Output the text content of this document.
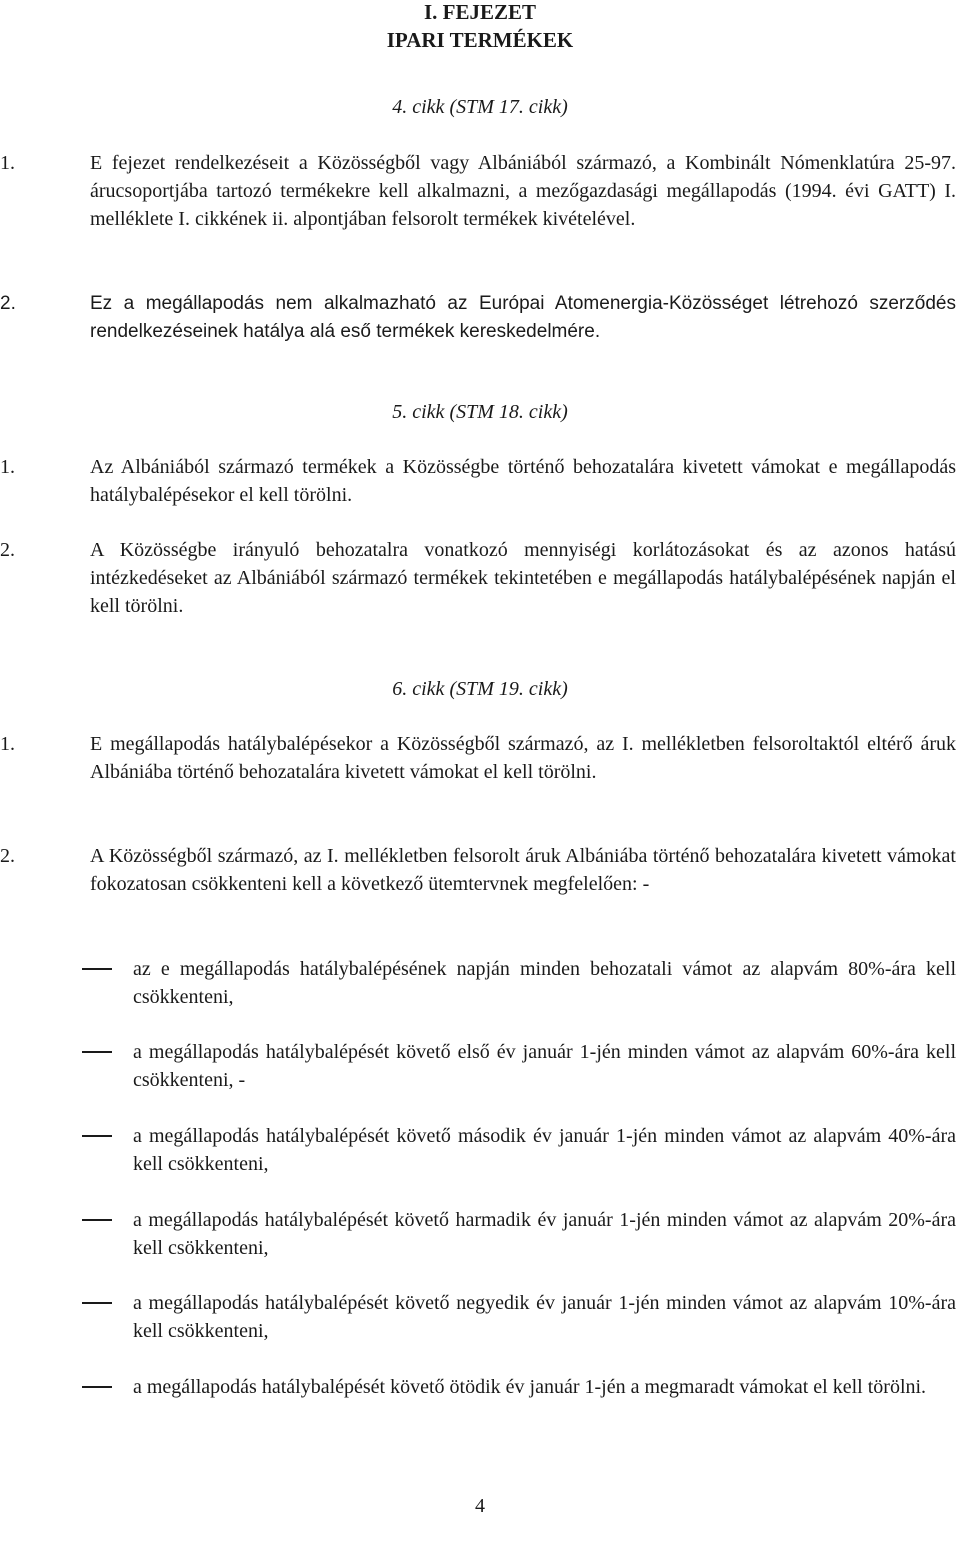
I. FEJEZET
IPARI TERMÉKEK
4. cikk (STM 17. cikk)
1.	E fejezet rendelkezéseit a Közösségből vagy Albániából származó, a Kombinált Nómenklatúra 25-97. árucsoportjába tartozó termékekre kell alkalmazni, a mezőgazdasági megállapodás (1994. évi GATT) I. melléklete I. cikkének ii. alpontjában felsorolt termékek kivételével.
2.	Ez a megállapodás nem alkalmazható az Európai Atomenergia-Közösséget létrehozó szerződés rendelkezéseinek hatálya alá eső termékek kereskedelmére.
5. cikk (STM 18. cikk)
1.	Az Albániából származó termékek a Közösségbe történő behozatalára kivetett vámokat e megállapodás hatálybalépésekor el kell törölni.
2.	A Közösségbe irányuló behozatalra vonatkozó mennyiségi korlátozásokat és az azonos hatású intézkedéseket az Albániából származó termékek tekintetében e megállapodás hatálybalépésének napján el kell törölni.
6. cikk (STM 19. cikk)
1.	E megállapodás hatálybalépésekor a Közösségből származó, az I. mellékletben felsoroltaktól eltérő áruk Albániába történő behozatalára kivetett vámokat el kell törölni.
2.	A Közösségből származó, az I. mellékletben felsorolt áruk Albániába történő behozatalára kivetett vámokat fokozatosan csökkenteni kell a következő ütemtervnek megfelelően: -
az e megállapodás hatálybalépésének napján minden behozatali vámot az alapvám 80%-ára kell csökkenteni,
a megállapodás hatálybalépését követő első év január 1-jén minden vámot az alapvám 60%-ára kell csökkenteni, -
a megállapodás hatálybalépését követő második év január 1-jén minden vámot az alapvám 40%-ára kell csökkenteni,
a megállapodás hatálybalépését követő harmadik év január 1-jén minden vámot az alapvám 20%-ára kell csökkenteni,
a megállapodás hatálybalépését követő negyedik év január 1-jén minden vámot az alapvám 10%-ára kell csökkenteni,
a megállapodás hatálybalépését követő ötödik év január 1-jén a megmaradt vámokat el kell törölni.
4
